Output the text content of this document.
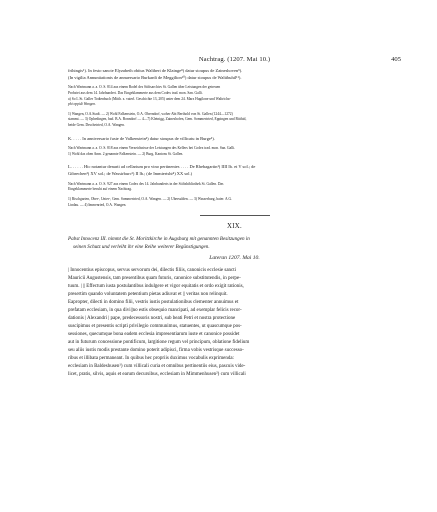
Nachtrag. (1207. Mai 10.)	405
frihingis¹). In festo sancte Elyzabeth obitus Waltheri de Klainge⁸) datur stoupus de Zaineshoven⁹).
(In vigilia Annuntiationis de annuersario Burkardi de Meggilion¹⁰) datur stoupus de Waltibuhil¹¹).
Nach Wartmann a. a. O. S. 814 aus einem Rodel des Stiftsarchivs St. Gallen über Leistungen der getreuen
Probstei aus dem 14. Jahrhundert. Das Eingeklammerte aus dem Codex trad. mon. San. Galli.
a) So L St. Galler Todtenbuch (Mitth. z. vaterl. Geschichte 13, 205) unter dem 24. Marz Hugilone und Waltricha-
phi oppidi Wangen.
1) Wangen, O.A.Stadt. — 2) Wohl Falkenstein, O.A. Oberndorf, woher Abt Berthold von St. Gallen (1244—1272)
stammt. — 3) Ophedingen, bad. B.A. Bonndorf — 4—7) Kleinigg, Zaineshofen, Gem. Sommertried, Eppingen und Bitthid,
beide Gem. Deschetried, O.A. Wangen.
K. . . . . In anniversario fuste de Valkenstein²) datur stoupus de villicatu in Burge³).
Nach Wartmann a. a. O. S. 818 aus einem Verzeichnisse der Leistungen des Kellers bei Codex trad. mon. San. Galli.
1) Wohl das oben Anm. 2 genannte Falkenstein. — 2) Burg, Kantons St. Gallen.
L. . . . . . Hic notantur denarii ad cellarium pro vino pertinentes . . . . De Rhebagartin¹) IIII lb. et V sol.; de
Gibrechen²) XV sol.; de Wassirburc³) II lb.; (de Immiertshi⁴) XX sol.)
Nach Wartmann a. a. O. S. 927 aus einem Codex des 14. Jahrhunderts in der Stiftsbibliothek St. Gallen. Das
Eingeklammerte beruht auf einem Nachtrag.
1) Rischgarten, Ober-, Unter-, Gem. Sommertried, O.A. Wangen. — 2) Ubersulden. — 3) Wasserburg, baier. A.G.
Lindau. — 4) Immenried, O.A. Wangen.
XIX.
Pabst Innocenz III. nimmt die St. Moritzkirche in Augsburg mit genannten Besitzungen in
seinen Schutz und verleiht ihr eine Reihe weiterer Begünstigungen.
Lateran 1207. Mai 10.
| Innocentius episcopus, servus servorum dei, dilectis filiis, canonicis ecclesie sancti
Mauricii Augustensis, tam presentibus quam futuris, canonice substitutendis, in perpe-
tuum. | || Effectum iusta postulantibus indulgere et vigor equitatis et ordo exigit rationis,
presertim quando voluntatem petentium pietas adiuvat et || veritas non relinquit.
Eapropter, dilecti in domino filii, vestris iustis postulationibus clementer annuimus et
prefatam ecclesiam, in qua divi||no estis obsequio mancipati, ad exemplar felicis recor-
dationis | Alexandri | pape, predecessoris nostri, sub beati Petri et nostra protectione
suscipimus et presentis scripti privilegio communimus, statuentes, ut quascumque pos-
sessiones, quecumque bona eadem ecclesia impresentiarum iuste et canonice possidet
aut in futurum concessione pontificum, largitione regum vel principum, oblatione fidelium
seu aliis iustis modis prestante domino poterit adipisci, firma vobis vestrisque successo-
ribus et illibata permaneant. In quibus hec propriis duximus vocabulis exprimenda:
ecclesiam in Baldeshusen¹) cum villicali curia et omnibus pertinentiis eius, pascuis vide-
licet, pratis, silvis, aquis et earum decursibus, ecclesiam in Mimmenhusen²) cum villicali
